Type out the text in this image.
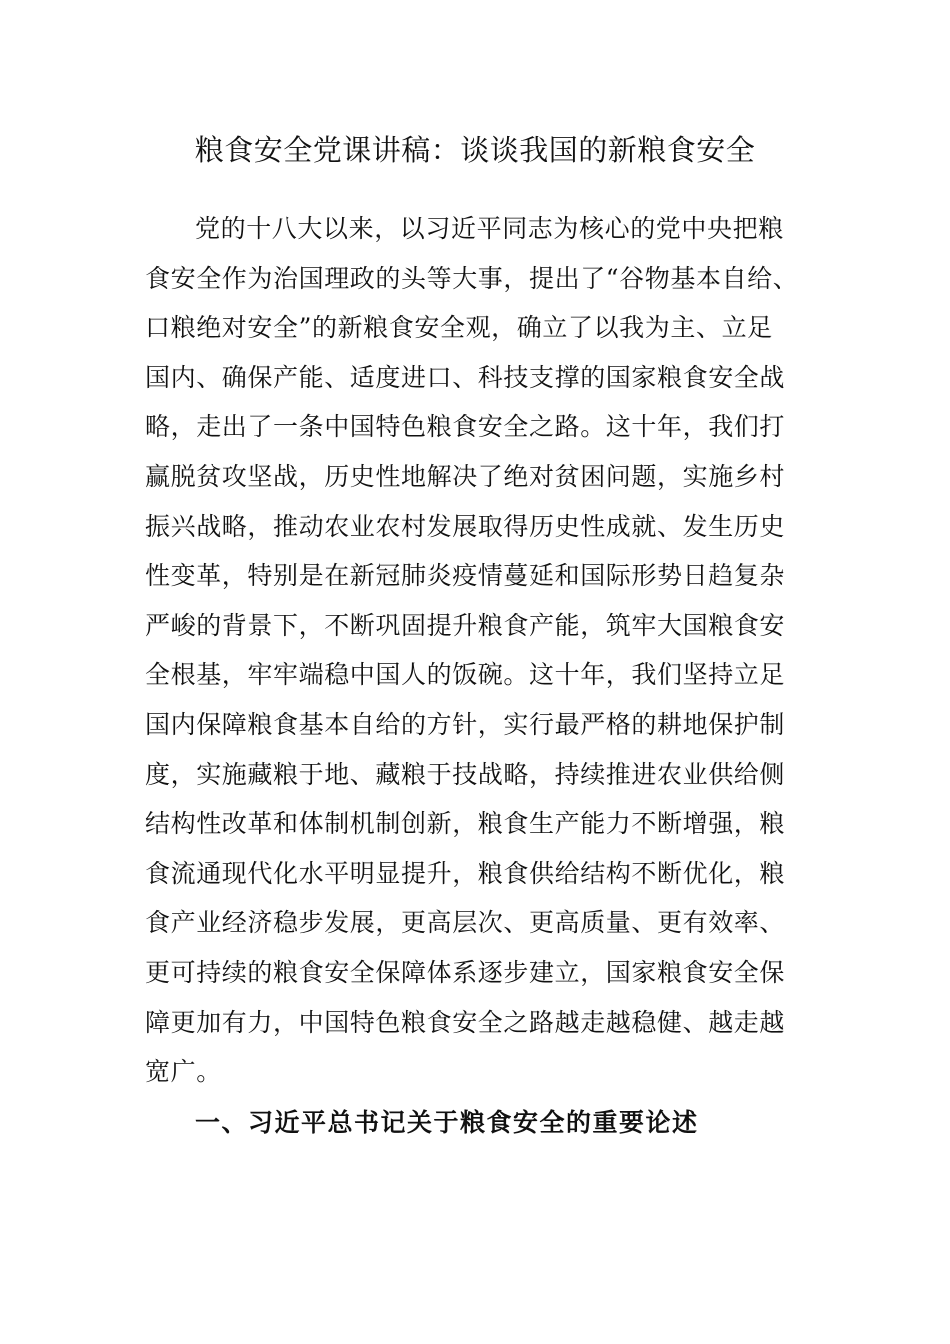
粮食安全党课讲稿：谈谈我国的新粮食安全
党的十八大以来，以习近平同志为核心的党中央把粮
食安全作为治国理政的头等大事，提出了“谷物基本自给、
口粮绝对安全”的新粮食安全观，确立了以我为主、立足
国内、确保产能、适度进口、科技支撑的国家粮食安全战
略，走出了一条中国特色粮食安全之路。这十年，我们打
赢脱贫攻坚战，历史性地解决了绝对贫困问题，实施乡村
振兴战略，推动农业农村发展取得历史性成就、发生历史
性变革，特别是在新冠肺炎疫情蔓延和国际形势日趋复杂
严峻的背景下，不断巩固提升粮食产能，筑牢大国粮食安
全根基，牢牢端稳中国人的饭碗。这十年，我们坚持立足
国内保障粮食基本自给的方针，实行最严格的耕地保护制
度，实施藏粮于地、藏粮于技战略，持续推进农业供给侧
结构性改革和体制机制创新，粮食生产能力不断增强，粮
食流通现代化水平明显提升，粮食供给结构不断优化，粮
食产业经济稳步发展，更高层次、更高质量、更有效率、
更可持续的粮食安全保障体系逐步建立，国家粮食安全保
障更加有力，中国特色粮食安全之路越走越稳健、越走越
宽广。
一、习近平总书记关于粮食安全的重要论述
